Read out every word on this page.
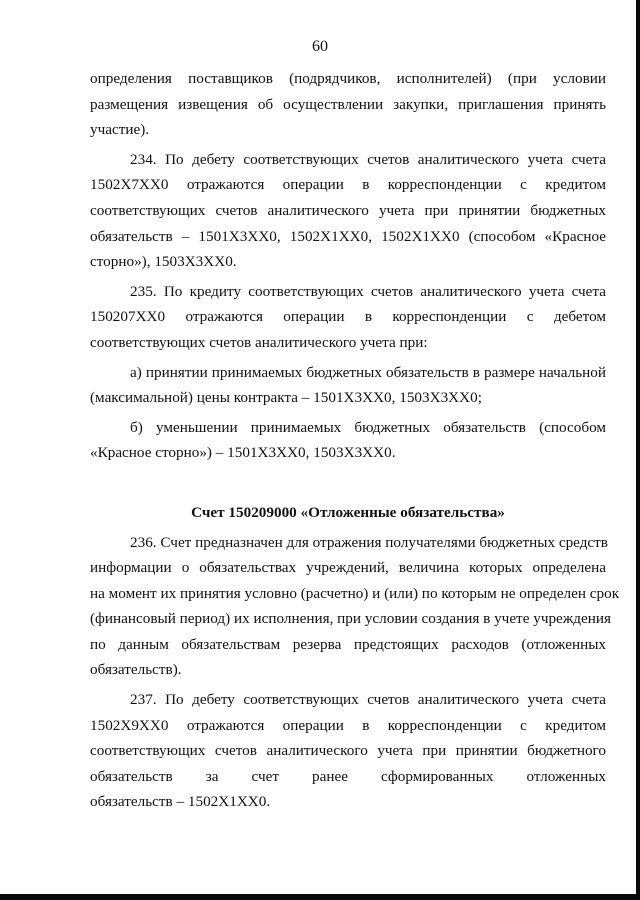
60
определения поставщиков (подрядчиков, исполнителей) (при условии
размещения извещения об осуществлении закупки, приглашения принять
участие).
234. По дебету соответствующих счетов аналитического учета счета
1502Х7ХХ0 отражаются операции в корреспонденции с кредитом
соответствующих счетов аналитического учета при принятии бюджетных
обязательств – 1501Х3ХХ0, 1502Х1ХХ0, 1502Х1ХХ0 (способом «Красное
сторно»), 1503Х3ХХ0.
235. По кредиту соответствующих счетов аналитического учета счета
150207ХХ0 отражаются операции в корреспонденции с дебетом
соответствующих счетов аналитического учета при:
а) принятии принимаемых бюджетных обязательств в размере начальной
(максимальной) цены контракта – 1501Х3ХХ0, 1503Х3ХХ0;
б) уменьшении принимаемых бюджетных обязательств (способом
«Красное сторно») – 1501Х3ХХ0, 1503Х3ХХ0.
Счет 150209000 «Отложенные обязательства»
236. Счет предназначен для отражения получателями бюджетных средств
информации о обязательствах учреждений, величина которых определена
на момент их принятия условно (расчетно) и (или) по которым не определен срок
(финансовый период) их исполнения, при условии создания в учете учреждения
по данным обязательствам резерва предстоящих расходов (отложенных
обязательств).
237. По дебету соответствующих счетов аналитического учета счета
1502Х9ХХ0 отражаются операции в корреспонденции с кредитом
соответствующих счетов аналитического учета при принятии бюджетного
обязательств за счет ранее сформированных отложенных
обязательств – 1502Х1ХХ0.
